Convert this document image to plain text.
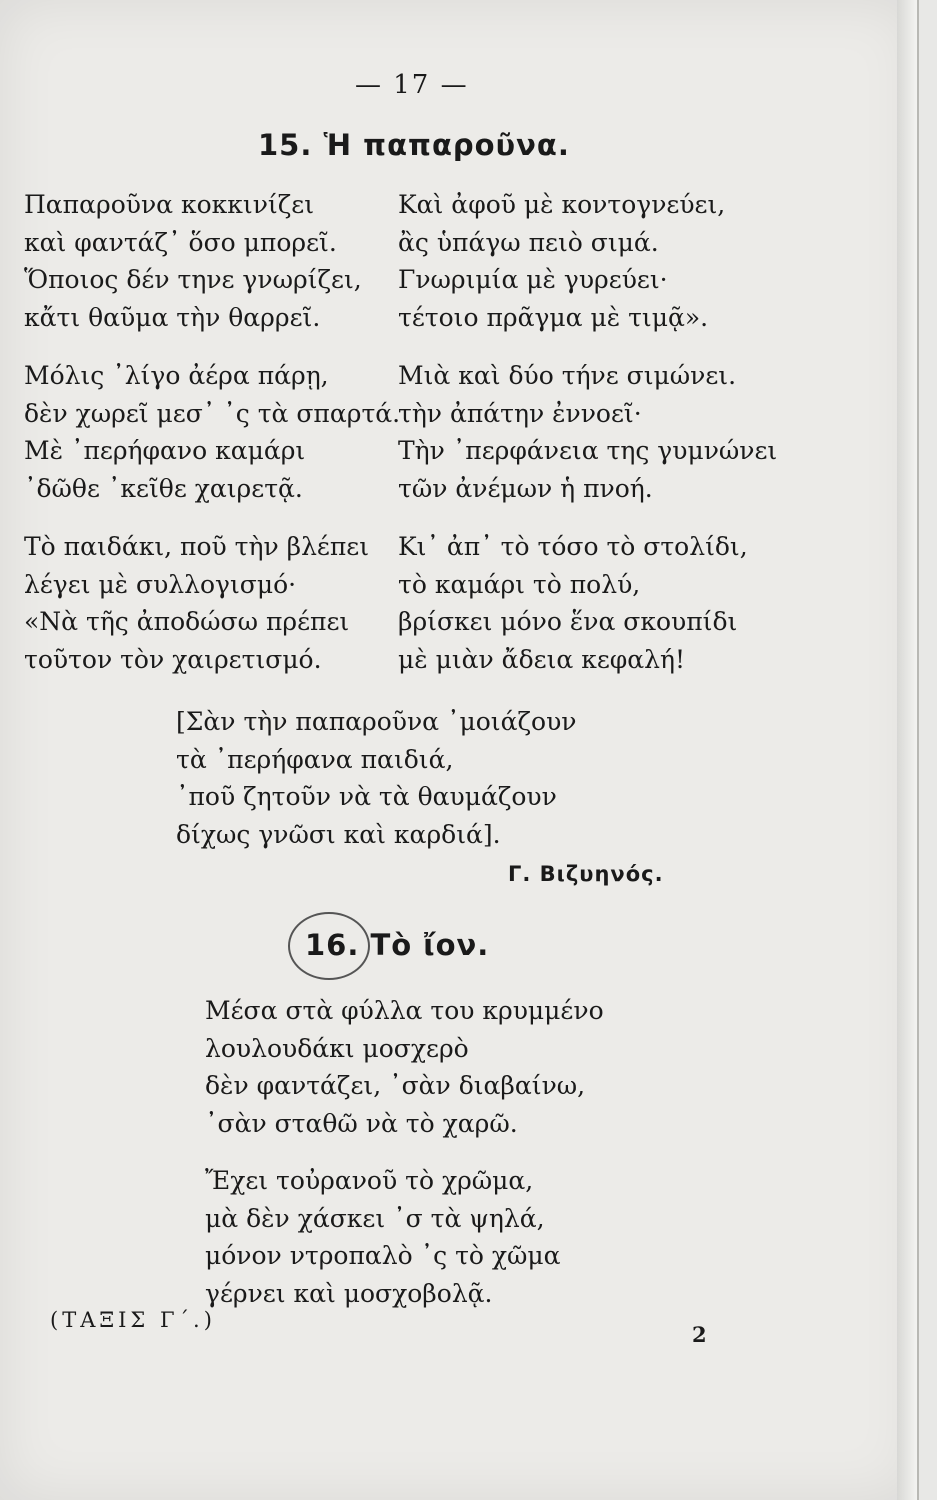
— 17 —
15. Ἡ παπαροῦνα.
Παπαροῦνα κοκκινίζει
καὶ φαντάζ᾽ ὅσο μπορεῖ.
Ὅποιος δέν τηνε γνωρίζει,
κἄτι θαῦμα τὴν θαρρεῖ.
Μόλις ᾽λίγο ἀέρα πάρῃ,
δὲν χωρεῖ μεσ᾽ ᾽ς τὰ σπαρτά.
Μὲ ᾽περήφανο καμάρι
᾽δῶθε ᾽κεῖθε χαιρετᾷ.
Τὸ παιδάκι, ποῦ τὴν βλέπει
λέγει μὲ συλλογισμό·
«Νὰ τῆς ἀποδώσω πρέπει
τοῦτον τὸν χαιρετισμό.
Καὶ ἀφοῦ μὲ κοντογνεύει,
ἂς ὑπάγω πειὸ σιμά.
Γνωριμία μὲ γυρεύει·
τέτοιο πρᾶγμα μὲ τιμᾷ».
Μιὰ καὶ δύο τήνε σιμώνει.
τὴν ἀπάτην ἐννοεῖ·
Τὴν ᾽περφάνεια της γυμνώνει
τῶν ἀνέμων ἡ πνοή.
Κι᾽ ἀπ᾽ τὸ τόσο τὸ στολίδι,
τὸ καμάρι τὸ πολύ,
βρίσκει μόνο ἕνα σκουπίδι
μὲ μιὰν ἄδεια κεφαλή!
[Σὰν τὴν παπαροῦνα ᾽μοιάζουν
τὰ ᾽περήφανα παιδιά,
᾽ποῦ ζητοῦν νὰ τὰ θαυμάζουν
δίχως γνῶσι καὶ καρδιά].
Γ. Βιζυηνός.
16. Τὸ ἴον.
Μέσα στὰ φύλλα του κρυμμένο
λουλουδάκι μοσχερὸ
δὲν φαντάζει, ᾽σὰν διαβαίνω,
᾽σὰν σταθῶ νὰ τὸ χαρῶ.
Ἔχει τοὐρανοῦ τὸ χρῶμα,
μὰ δὲν χάσκει ᾽σ τὰ ψηλά,
μόνον ντροπαλὸ ᾽ς τὸ χῶμα
γέρνει καὶ μοσχοβολᾷ.
(ΤΑΞΙΣ Γ΄.)
2
